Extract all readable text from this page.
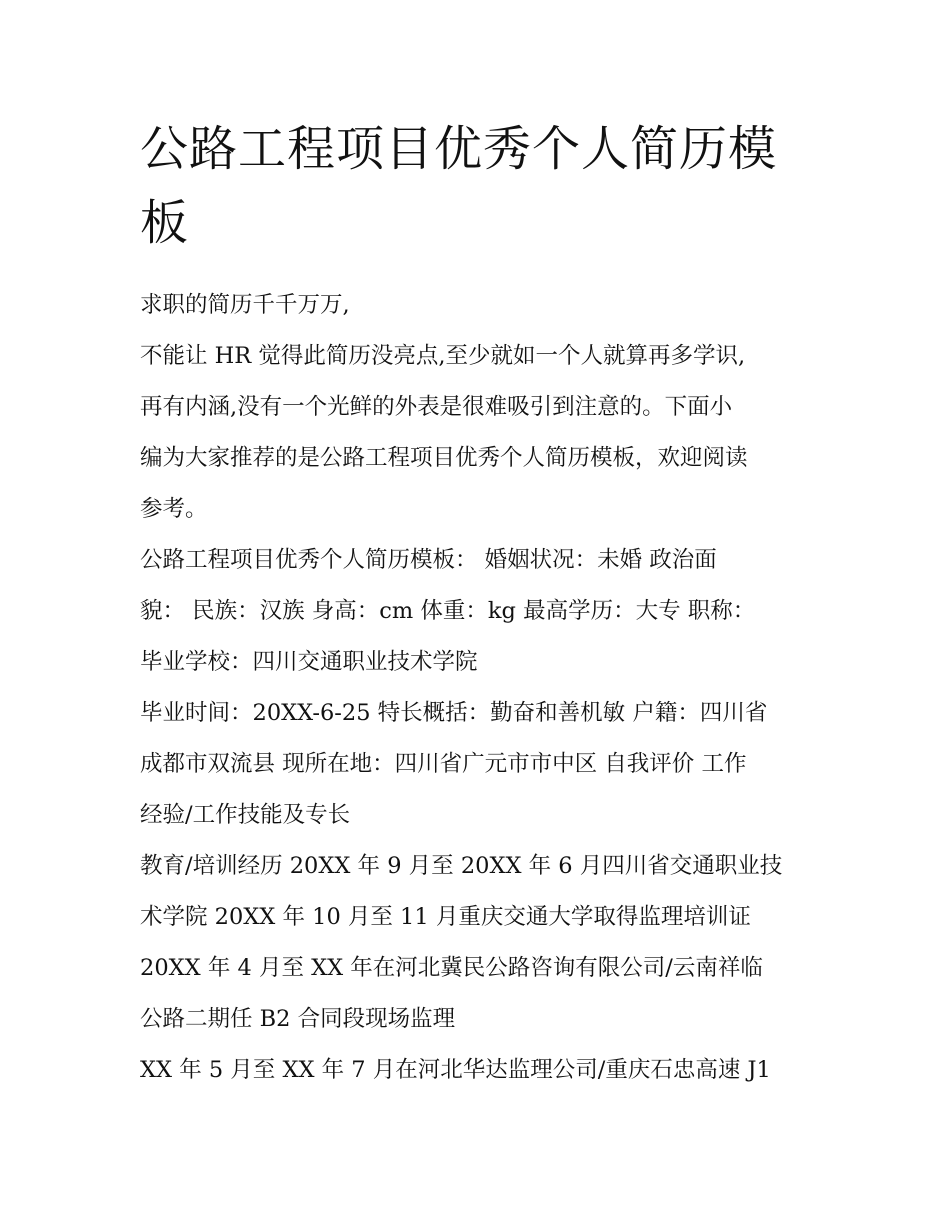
公路工程项目优秀个人简历模
板

求职的简历千千万万,

不能让 HR 觉得此简历没亮点,至少就如一个人就算再多学识,

再有内涵,没有一个光鲜的外表是很难吸引到注意的。下面小

编为大家推荐的是公路工程项目优秀个人简历模板，欢迎阅读

参考。

公路工程项目优秀个人简历模板： 婚姻状况：未婚 政治面

貌： 民族：汉族 身高：cm 体重：kg 最高学历：大专 职称：

毕业学校：四川交通职业技术学院

毕业时间：20XX-6-25 特长概括：勤奋和善机敏 户籍：四川省

成都市双流县 现所在地：四川省广元市市中区 自我评价 工作

经验/工作技能及专长

教育/培训经历 20XX 年 9 月至 20XX 年 6 月四川省交通职业技

术学院 20XX 年 10 月至 11 月重庆交通大学取得监理培训证

20XX 年 4 月至 XX 年在河北冀民公路咨询有限公司/云南祥临

公路二期任 B2 合同段现场监理

XX 年 5 月至 XX 年 7 月在河北华达监理公司/重庆石忠高速 J1
